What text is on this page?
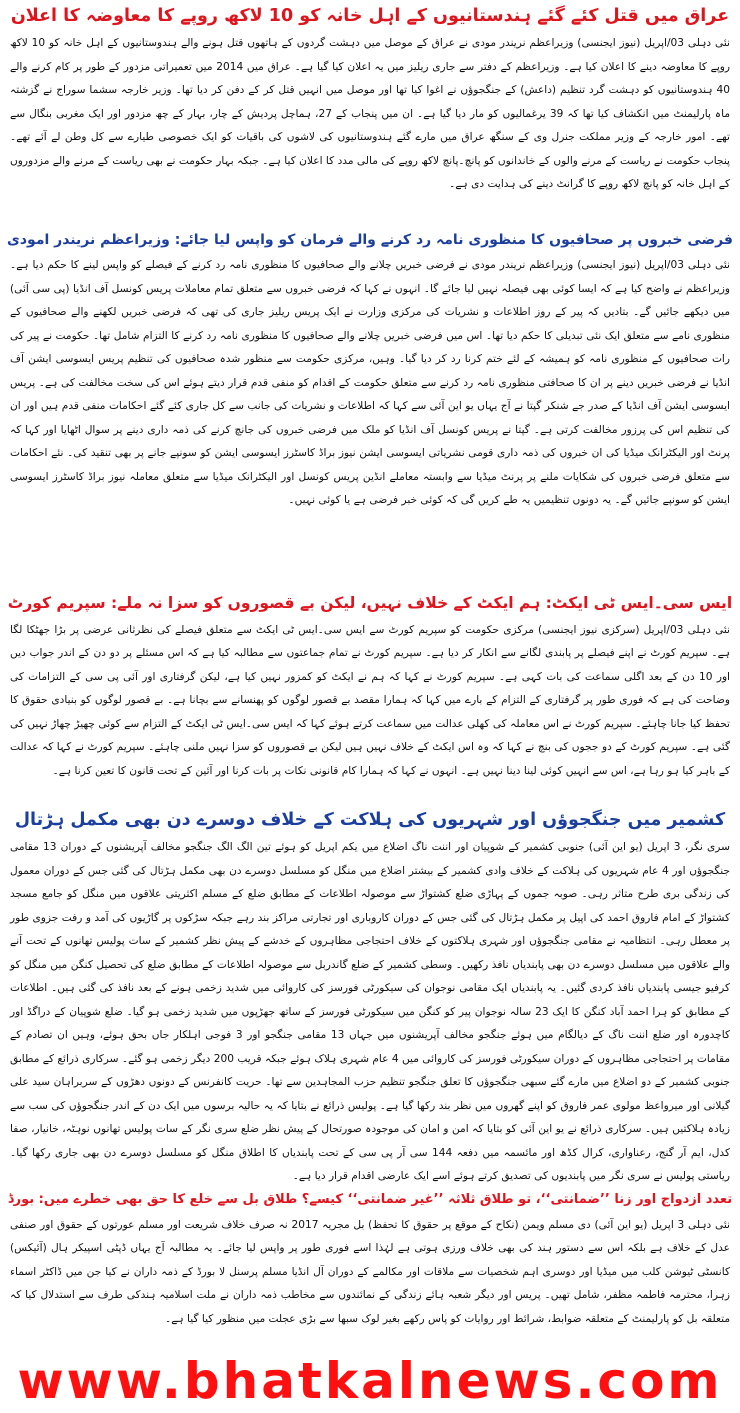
عراق میں قتل کئے گئے ہندستانیوں کے اہل خانہ کو 10 لاکھ روپے کا معاوضہ کا اعلان

نئی دہلی 03/اپریل (نیوز ایجنسی) وزیراعظم نریندر مودی نے عراق کے موصل میں دہشت گردوں کے ہاتھوں قتل ہونے والے ہندوستانیوں کے اہل خانہ کو 10 لاکھ روپے کا معاوضہ دینے کا اعلان کیا ہے۔ وزیراعظم کے دفتر سے جاری ریلیز میں یہ اعلان کیا گیا ہے۔ عراق میں 2014 میں تعمیراتی مزدور کے طور پر کام کرنے والے 40 ہندوستانیوں کو دہشت گرد تنظیم (داعش) کے جنگجوؤں نے اغوا کیا تھا اور موصل میں انہیں قتل کر کے دفن کر دیا تھا۔ وزیر خارجہ سشما سوراج نے گزشتہ ماہ پارلیمنٹ میں انکشاف کیا تھا کہ 39 یرغمالیوں کو مار دیا گیا ہے۔ ان میں پنجاب کے 27، ہماچل پردیش کے چار، بہار کے چھ مزدور اور ایک مغربی بنگال سے تھے۔ امور خارجہ کے وزیر مملکت جنرل وی کے سنگھ عراق میں مارے گئے ہندوستانیوں کی لاشوں کی باقیات کو ایک خصوصی طیارے سے کل وطن لے آئے تھے۔ پنجاب حکومت نے ریاست کے مرنے والوں کے خاندانوں کو پانچ۔پانچ لاکھ روپے کی مالی مدد کا اعلان کیا ہے۔ جبکہ بہار حکومت نے بھی ریاست کے مرنے والے مزدوروں کے اہل خانہ کو پانچ لاکھ روپے کا گرانٹ دینے کی ہدایت دی ہے۔

فرضی خبروں پر صحافیوں کا منظوری نامہ رد کرنے والے فرمان کو واپس لیا جائے: وزیراعظم نریندر امودی

نئی دہلی 03/اپریل (نیوز ایجنسی) وزیراعظم نریندر مودی نے فرضی خبریں چلانے والے صحافیوں کا منظوری نامہ رد کرنے کے فیصلے کو واپس لینے کا حکم دیا ہے۔ وزیراعظم نے واضح کیا ہے کہ ایسا کوئی بھی فیصلہ نہیں لیا جائے گا۔ انہوں نے کہا کہ فرضی خبروں سے متعلق تمام معاملات پریس کونسل آف انڈیا (پی سی آئی) میں دیکھے جائیں گے۔ بتادیں کہ پیر کے روز اطلاعات و نشریات کی مرکزی وزارت نے ایک پریس ریلیز جاری کی تھی کہ فرضی خبریں لکھنے والے صحافیوں کے منظوری نامے سے متعلق ایک نئی تبدیلی کا حکم دیا تھا۔ اس میں فرضی خبریں چلانے والے صحافیوں کا منظوری نامہ رد کرنے کا التزام شامل تھا۔ حکومت نے پیر کی رات صحافیوں کے منظوری نامہ کو ہمیشہ کے لئے ختم کرنا رد کر دیا گیا۔ وہیں، مرکزی حکومت سے منظور شدہ صحافیوں کی تنظیم پریس ایسوسی ایشن آف انڈیا نے فرضی خبریں دینے پر ان کا صحافتی منظوری نامہ رد کرنے سے متعلق حکومت کے اقدام کو منفی قدم قرار دیتے ہوئے اس کی سخت مخالفت کی ہے۔ پریس ایسوسی ایشن آف انڈیا کے صدر جے شنکر گپتا نے آج یہاں یو این آئی سے کہا کہ اطلاعات و نشریات کی جانب سے کل جاری کئے گئے احکامات منفی قدم ہیں اور ان کی تنظیم اس کی پرزور مخالفت کرتی ہے۔ گپتا نے پریس کونسل آف انڈیا کو ملک میں فرضی خبروں کی جانچ کرنے کی ذمہ داری دینے پر سوال اٹھایا اور کہا کہ پرنٹ اور الیکٹرانک میڈیا کی ان خبروں کی ذمہ داری قومی نشریاتی ایسوسی ایشن نیوز براڈ کاسٹرز ایسوسی ایشن کو سونپے جانے پر بھی تنقید کی۔ نئے احکامات سے متعلق فرضی خبروں کی شکایات ملنے پر پرنٹ میڈیا سے وابستہ معاملے انڈین پریس کونسل اور الیکٹرانک میڈیا سے متعلق معاملہ نیوز براڈ کاسٹرز ایسوسی ایشن کو سونپے جائیں گے۔ یہ دونوں تنظیمیں یہ طے کریں گی کہ کوئی خبر فرضی ہے یا کوئی نہیں۔

ایس سی۔ایس ٹی ایکٹ: ہم ایکٹ کے خلاف نہیں، لیکن بے قصوروں کو سزا نہ ملے: سپریم کورٹ

نئی دہلی 03/اپریل (سرکزی نیوز ایجنسی) مرکزی حکومت کو سپریم کورٹ سے ایس سی۔ایس ٹی ایکٹ سے متعلق فیصلے کی نظرثانی عرضی پر بڑا جھٹکا لگا ہے۔ سپریم کورٹ نے اپنے فیصلے پر پابندی لگانے سے انکار کر دیا ہے۔ سپریم کورٹ نے تمام جماعتوں سے مطالبہ کیا ہے کہ اس مسئلے پر دو دن کے اندر جواب دیں اور 10 دن کے بعد اگلی سماعت کی بات کہی ہے۔ سپریم کورٹ نے کہا کہ ہم نے ایکٹ کو کمزور نہیں کیا ہے، لیکن گرفتاری اور آئی پی سی کے التزامات کی وضاحت کی ہے کہ فوری طور پر گرفتاری کے التزام کے بارے میں کہا کہ ہمارا مقصد بے قصور لوگوں کو پھنسانے سے بچانا ہے۔ بے قصور لوگوں کو بنیادی حقوق کا تحفظ کیا جانا چاہئے۔ سپریم کورٹ نے اس معاملہ کی کھلی عدالت میں سماعت کرتے ہوئے کہا کہ ایس سی۔ایس ٹی ایکٹ کے التزام سے کوئی چھیڑ چھاڑ نہیں کی گئی ہے۔ سپریم کورٹ کے دو ججوں کی بنچ نے کہا کہ وہ اس ایکٹ کے خلاف نہیں ہیں لیکن بے قصوروں کو سزا نہیں ملنی چاہئے۔ سپریم کورٹ نے کہا کہ عدالت کے باہر کیا ہو رہا ہے، اس سے انہیں کوئی لینا دینا نہیں ہے۔ انہوں نے کہا کہ ہمارا کام قانونی نکات پر بات کرنا اور آئین کے تحت قانون کا تعین کرنا ہے۔

کشمیر میں جنگجوؤں اور شہریوں کی ہلاکت کے خلاف دوسرے دن بھی مکمل ہڑتال

سری نگر، 3 اپریل (یو این آئی) جنوبی کشمیر کے شوپیان اور اننت ناگ اضلاع میں یکم اپریل کو ہوئے تین الگ الگ جنگجو مخالف آپریشنوں کے دوران 13 مقامی جنگجوؤں اور 4 عام شہریوں کی ہلاکت کے خلاف وادی کشمیر کے بیشتر اضلاع میں منگل کو مسلسل دوسرے دن بھی مکمل ہڑتال کی گئی جس کے دوران معمول کی زندگی بری طرح متاثر رہی۔ صوبہ جموں کے پہاڑی ضلع کشتواڑ سے موصولہ اطلاعات کے مطابق ضلع کے مسلم اکثریتی علاقوں میں منگل کو جامع مسجد کشتواڑ کے امام فاروق احمد کی اپیل پر مکمل ہڑتال کی گئی جس کے دوران کاروباری اور تجارتی مراکز بند رہے جبکہ سڑکوں پر گاڑیوں کی آمد و رفت جزوی طور پر معطل رہی۔ انتظامیہ نے مقامی جنگجوؤں اور شہری ہلاکتوں کے خلاف احتجاجی مظاہروں کے خدشے کے پیش نظر کشمیر کے سات پولیس تھانوں کے تحت آنے والے علاقوں میں مسلسل دوسرے دن بھی پابندیاں نافذ رکھیں۔ وسطی کشمیر کے ضلع گاندربل سے موصولہ اطلاعات کے مطابق ضلع کی تحصیل کنگن میں منگل کو کرفیو جیسی پابندیاں نافذ کردی گئیں۔ یہ پابندیاں ایک مقامی نوجوان کی سیکورٹی فورسز کی کاروائی میں شدید زخمی ہونے کے بعد نافذ کی گئی ہیں۔ اطلاعات کے مطابق کو ہرا احمد آباد کنگن کا ایک 23 سالہ نوجوان پیر کو کنگن میں سیکورٹی فورسز کے ساتھ جھڑپوں میں شدید زخمی ہو گیا۔ ضلع شوپیان کے دراگڈ اور کاچدورہ اور ضلع اننت ناگ کے دیالگام میں ہوئے جنگجو مخالف آپریشنوں میں جہاں 13 مقامی جنگجو اور 3 فوجی اہلکار جاں بحق ہوئے، وہیں ان تصادم کے مقامات پر احتجاجی مظاہروں کے دوران سیکورٹی فورسز کی کاروائی میں 4 عام شہری ہلاک ہوئے جبکہ قریب 200 دیگر زخمی ہو گئے۔ سرکاری ذرائع کے مطابق جنوبی کشمیر کے دو اضلاع میں مارے گئے سبھی جنگجوؤں کا تعلق جنگجو تنظیم حزب المجاہدین سے تھا۔ حریت کانفرنس کے دونوں دھڑوں کے سربراہان سید علی گیلانی اور میرواعظ مولوی عمر فاروق کو اپنے گھروں میں نظر بند رکھا گیا ہے۔ پولیس ذرائع نے بتایا کہ یہ حالیہ برسوں میں ایک دن کے اندر جنگجوؤں کی سب سے زیادہ ہلاکتیں ہیں۔ سرکاری ذرائع نے یو این آئی کو بتایا کہ امن و امان کی موجودہ صورتحال کے پیش نظر ضلع سری نگر کے سات پولیس تھانوں نوہٹہ، خانیار، صفا کدل، ایم آر گنج، رعناواری، کرال کڈھ اور مائسمہ میں دفعہ 144 سی آر پی سی کے تحت پابندیاں کا اطلاق منگل کو مسلسل دوسرے دن بھی جاری رکھا گیا۔ ریاستی پولیس نے سری نگر میں پابندیوں کی تصدیق کرتے ہوئے اسے ایک عارضی اقدام قرار دیا ہے۔

تعدد ازدواج اور زنا ’’ضمانتی‘‘، تو طلاق ثلاثہ ’’غیر ضمانتی‘‘ کیسے؟ طلاق بل سے خلع کا حق بھی خطرے میں: بورڈ

نئی دہلی 3 اپریل (یو این آئی) دی مسلم ویمن (نکاح کے موقع پر حقوق کا تحفظ) بل مجریہ 2017 نہ صرف خلاف شریعت اور مسلم عورتوں کے حقوق اور صنفی عدل کے خلاف ہے بلکہ اس سے دستور ہند کی بھی خلاف ورزی ہوتی ہے لہٰذا اسے فوری طور پر واپس لیا جائے۔ یہ مطالبہ آج یہاں ڈپٹی اسپیکر ہال (آئیکس) کانسٹی ٹیوشن کلب میں میڈیا اور دوسری اہم شخصیات سے ملاقات اور مکالمے کے دوران آل انڈیا مسلم پرسنل لا بورڈ کے ذمہ داران نے کیا جن میں ڈاکٹر اسماء زہرا، محترمہ فاطمہ مظفر، شامل تھیں۔ پریس اور دیگر شعبہ ہائے زندگی کے نمائندوں سے مخاطب ذمہ داران نے ملت اسلامیہ ہندکی طرف سے استدلال کیا کہ متعلقہ بل کو پارلیمنٹ کے متعلقہ ضوابط، شرائط اور روایات کو پاس رکھے بغیر لوک سبھا سے بڑی عجلت میں منظور کیا گیا ہے۔

www.bhatkalnews.com
